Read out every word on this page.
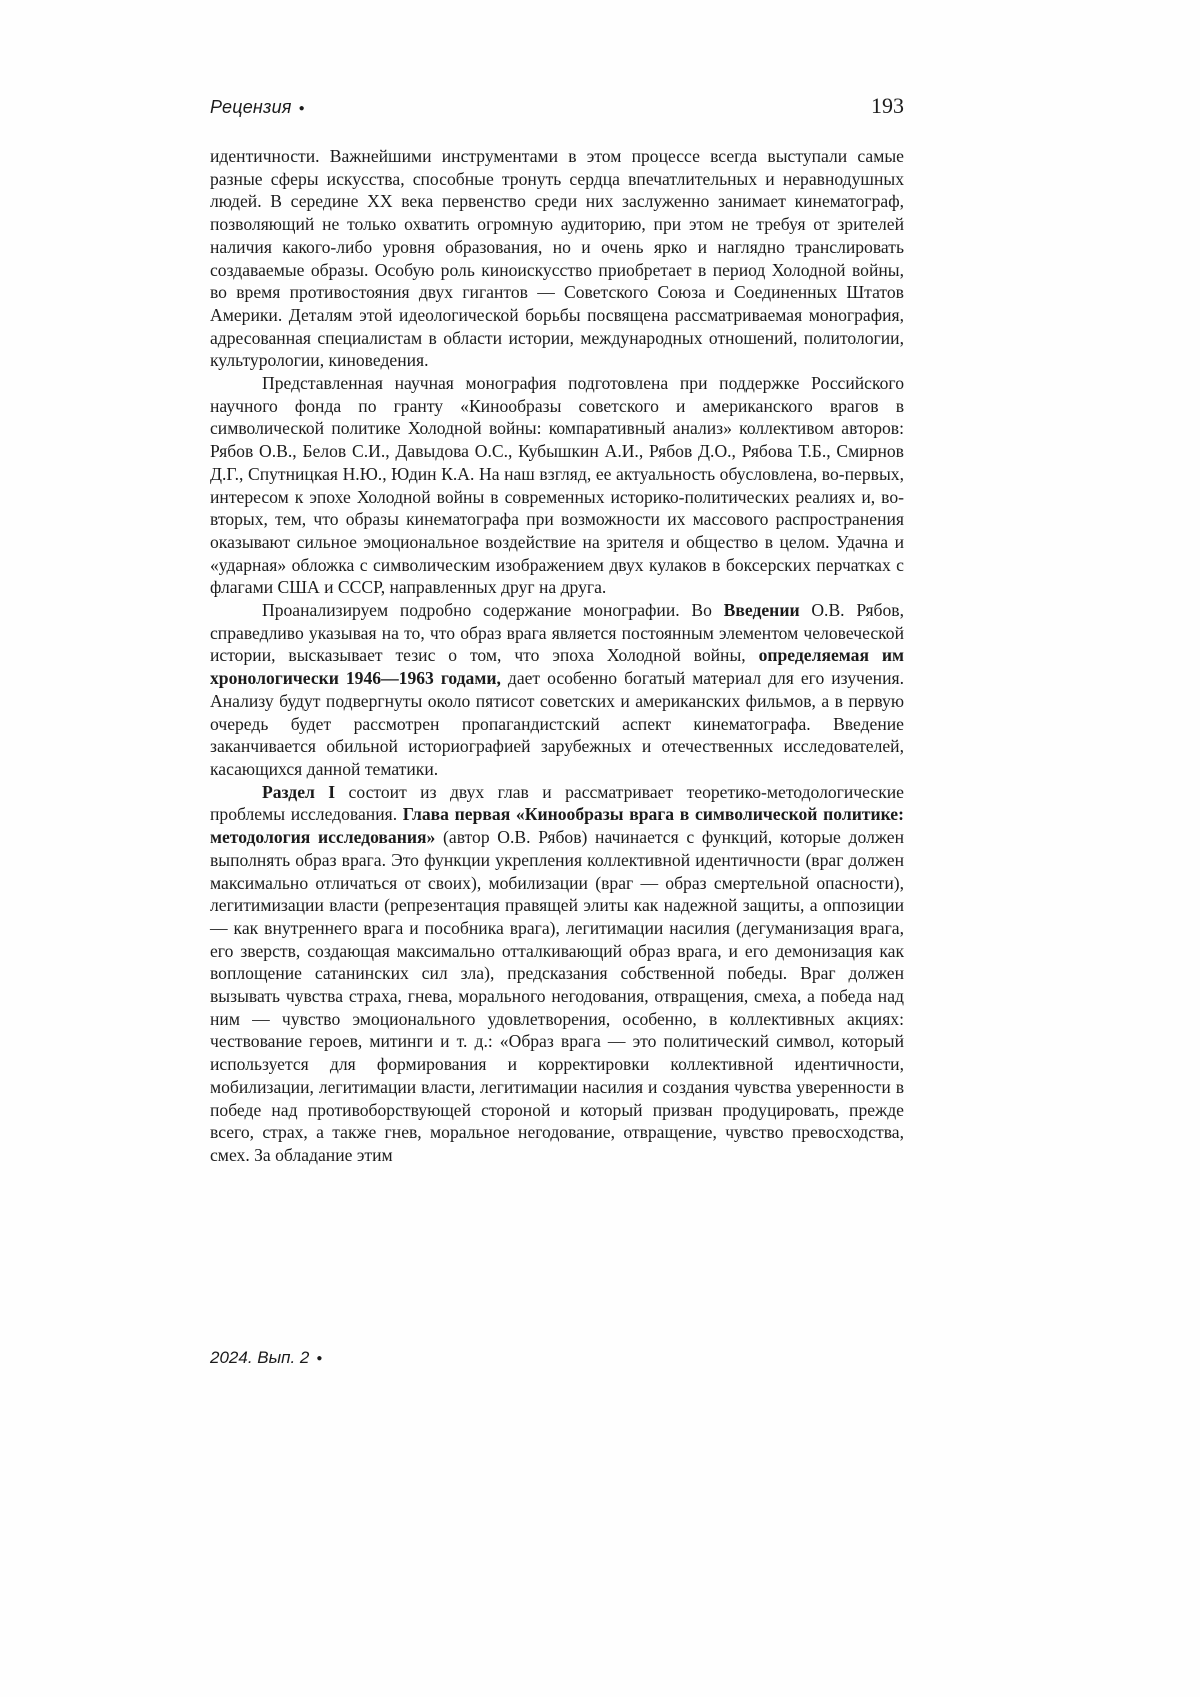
Рецензия ●	193

идентичности. Важнейшими инструментами в этом процессе всегда выступали самые разные сферы искусства, способные тронуть сердца впечатлительных и неравнодушных людей. В середине XX века первенство среди них заслуженно занимает кинематограф, позволяющий не только охватить огромную аудиторию, при этом не требуя от зрителей наличия какого-либо уровня образования, но и очень ярко и наглядно транслировать создаваемые образы. Особую роль киноискусство приобретает в период Холодной войны, во время противостояния двух гигантов — Советского Союза и Соединенных Штатов Америки. Деталям этой идеологической борьбы посвящена рассматриваемая монография, адресованная специалистам в области истории, международных отношений, политологии, культурологии, киноведения.

Представленная научная монография подготовлена при поддержке Российского научного фонда по гранту «Кинообразы советского и американского врагов в символической политике Холодной войны: компаративный анализ» коллективом авторов: Рябов О.В., Белов С.И., Давыдова О.С., Кубышкин А.И., Рябов Д.О., Рябова Т.Б., Смирнов Д.Г., Спутницкая Н.Ю., Юдин К.А. На наш взгляд, ее актуальность обусловлена, во-первых, интересом к эпохе Холодной войны в современных историко-политических реалиях и, во-вторых, тем, что образы кинематографа при возможности их массового распространения оказывают сильное эмоциональное воздействие на зрителя и общество в целом. Удачна и «ударная» обложка с символическим изображением двух кулаков в боксерских перчатках с флагами США и СССР, направленных друг на друга.

Проанализируем подробно содержание монографии. Во Введении О.В. Рябов, справедливо указывая на то, что образ врага является постоянным элементом человеческой истории, высказывает тезис о том, что эпоха Холодной войны, определяемая им хронологически 1946—1963 годами, дает особенно богатый материал для его изучения. Анализу будут подвергнуты около пятисот советских и американских фильмов, а в первую очередь будет рассмотрен пропагандистский аспект кинематографа. Введение заканчивается обильной историографией зарубежных и отечественных исследователей, касающихся данной тематики.

Раздел I состоит из двух глав и рассматривает теоретико-методологические проблемы исследования. Глава первая «Кинообразы врага в символической политике: методология исследования» (автор О.В. Рябов) начинается с функций, которые должен выполнять образ врага. Это функции укрепления коллективной идентичности (враг должен максимально отличаться от своих), мобилизации (враг — образ смертельной опасности), легитимизации власти (репрезентация правящей элиты как надежной защиты, а оппозиции — как внутреннего врага и пособника врага), легитимации насилия (дегуманизация врага, его зверств, создающая максимально отталкивающий образ врага, и его демонизация как воплощение сатанинских сил зла), предсказания собственной победы. Враг должен вызывать чувства страха, гнева, морального негодования, отвращения, смеха, а победа над ним — чувство эмоционального удовлетворения, особенно, в коллективных акциях: чествование героев, митинги и т. д.: «Образ врага — это политический символ, который используется для формирования и корректировки коллективной идентичности, мобилизации, легитимации власти, легитимации насилия и создания чувства уверенности в победе над противоборствующей стороной и который призван продуцировать, прежде всего, страх, а также гнев, моральное негодование, отвращение, чувство превосходства, смех. За обладание этим

2024. Вып. 2 ●
